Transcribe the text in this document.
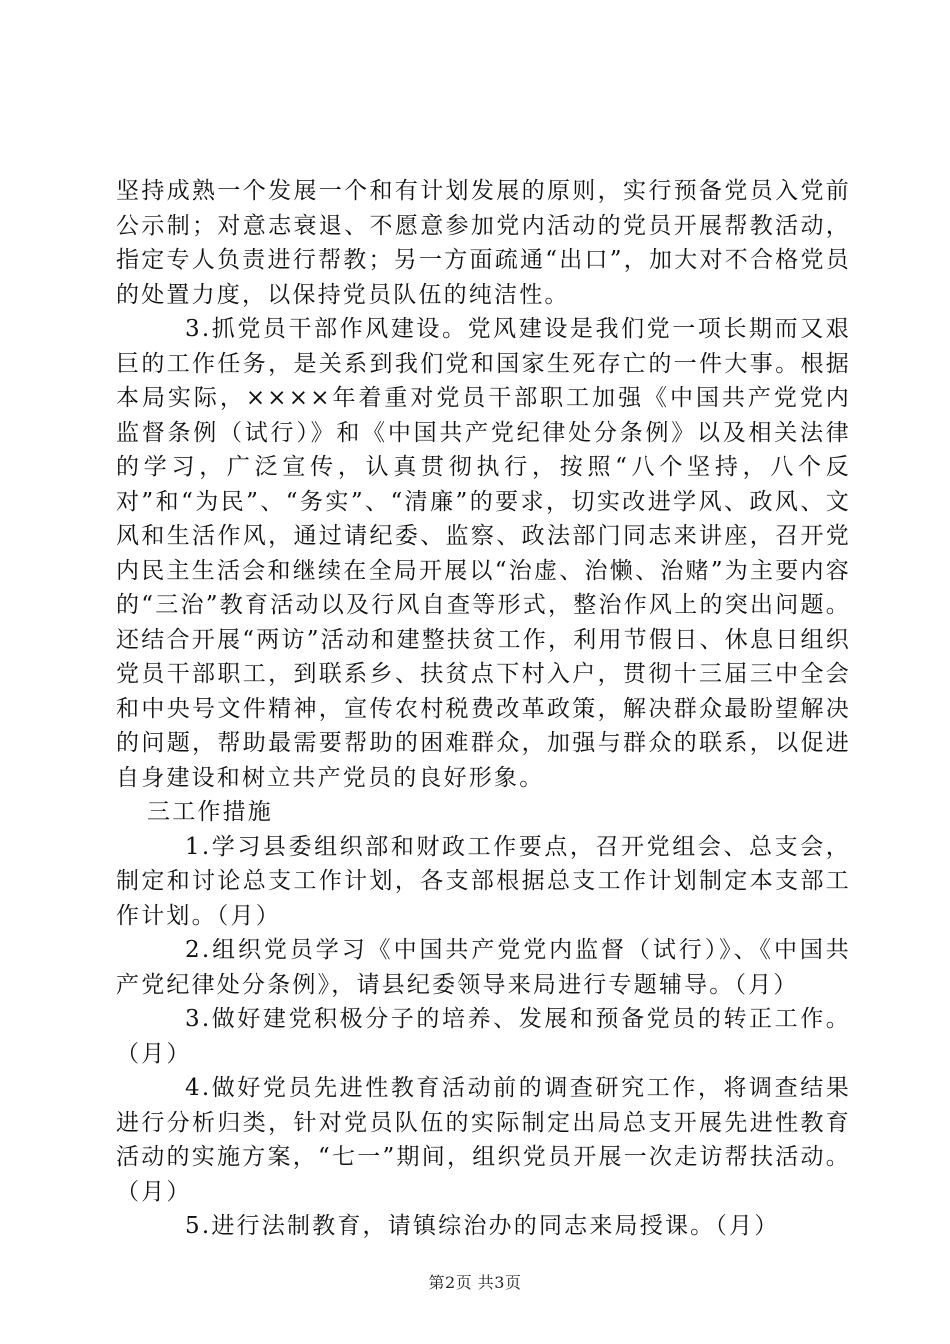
坚持成熟一个发展一个和有计划发展的原则，实行预备党员入党前公示制；对意志衰退、不愿意参加党内活动的党员开展帮教活动，指定专人负责进行帮教；另一方面疏通“出口”，加大对不合格党员的处置力度，以保持党员队伍的纯洁性。

3.抓党员干部作风建设。党风建设是我们党一项长期而又艰巨的工作任务，是关系到我们党和国家生死存亡的一件大事。根据本局实际，××××年着重对党员干部职工加强《中国共产党党内监督条例（试行）》和《中国共产党纪律处分条例》以及相关法律的学习，广泛宣传，认真贯彻执行，按照“八个坚持，八个反对”和“为民”、“务实”、“清廉”的要求，切实改进学风、政风、文风和生活作风，通过请纪委、监察、政法部门同志来讲座，召开党内民主生活会和继续在全局开展以“治虚、治懒、治赌”为主要内容的“三治”教育活动以及行风自查等形式，整治作风上的突出问题。还结合开展“两访”活动和建整扶贫工作，利用节假日、休息日组织党员干部职工，到联系乡、扶贫点下村入户，贯彻十三届三中全会和中央号文件精神，宣传农村税费改革政策，解决群众最盼望解决的问题，帮助最需要帮助的困难群众，加强与群众的联系，以促进自身建设和树立共产党员的良好形象。

三工作措施

1.学习县委组织部和财政工作要点，召开党组会、总支会，制定和讨论总支工作计划，各支部根据总支工作计划制定本支部工作计划。（月）

2.组织党员学习《中国共产党党内监督（试行）》、《中国共产党纪律处分条例》，请县纪委领导来局进行专题辅导。（月）

3.做好建党积极分子的培养、发展和预备党员的转正工作。（月）

4.做好党员先进性教育活动前的调查研究工作，将调查结果进行分析归类，针对党员队伍的实际制定出局总支开展先进性教育活动的实施方案，“七一”期间，组织党员开展一次走访帮扶活动。（月）

5.进行法制教育，请镇综治办的同志来局授课。（月）

第2页 共3页
